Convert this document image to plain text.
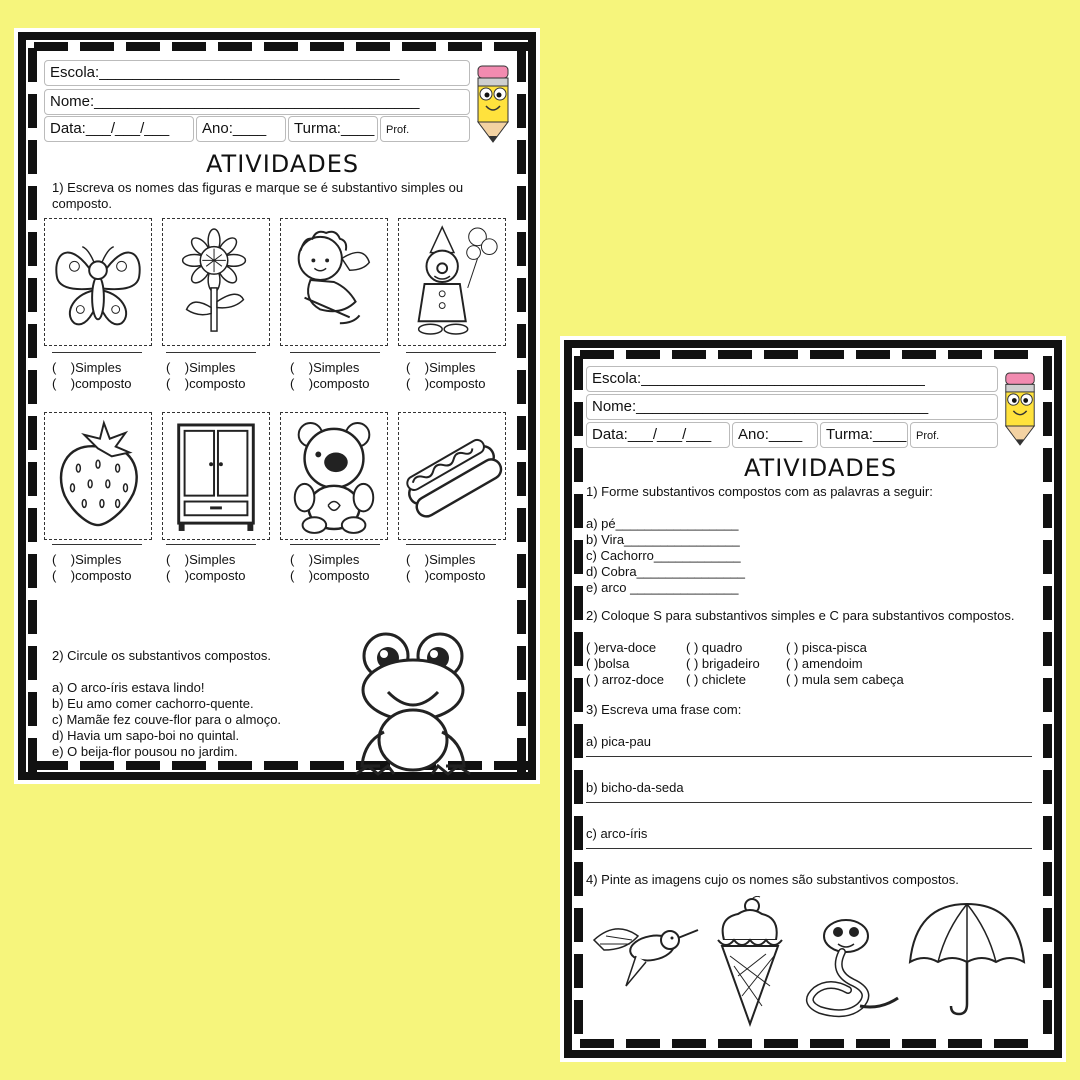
Escola:____________________________________
Nome:_______________________________________
Data:___/___/___	Ano:____	Turma:____	Prof.
ATIVIDADES
1) Escreva os nomes das figuras e marque se é substantivo simples ou composto.
(    )Simples
(    )composto
(    )Simples
(    )composto
(    )Simples
(    )composto
(    )Simples
(    )composto
(    )Simples
(    )composto
(    )Simples
(    )composto
(    )Simples
(    )composto
(    )Simples
(    )composto
2) Circule os substantivos compostos.
a) O arco-íris estava lindo!
b) Eu amo comer cachorro-quente.
c) Mamãe fez couve-flor para o almoço.
d) Havia um sapo-boi no quintal.
e) O beija-flor pousou no jardim.
Escola:__________________________________
Nome:___________________________________
Data:___/___/___	Ano:____	Turma:____ Prof.
ATIVIDADES
1) Forme substantivos compostos com as palavras a seguir:
a) pé_________________
b) Vira________________
c) Cachorro____________
d) Cobra_______________
e) arco _______________
2) Coloque S para substantivos simples e C para substantivos compostos.
( )erva-doce ( ) quadro	( ) pisca-pisca
( )bolsa	( ) brigadeiro ( ) amendoim
( ) arroz-doce ( ) chiclete	( ) mula sem cabeça
3) Escreva uma frase com:
a) pica-pau
b) bicho-da-seda
c) arco-íris
4) Pinte as imagens cujo os nomes são substantivos compostos.
